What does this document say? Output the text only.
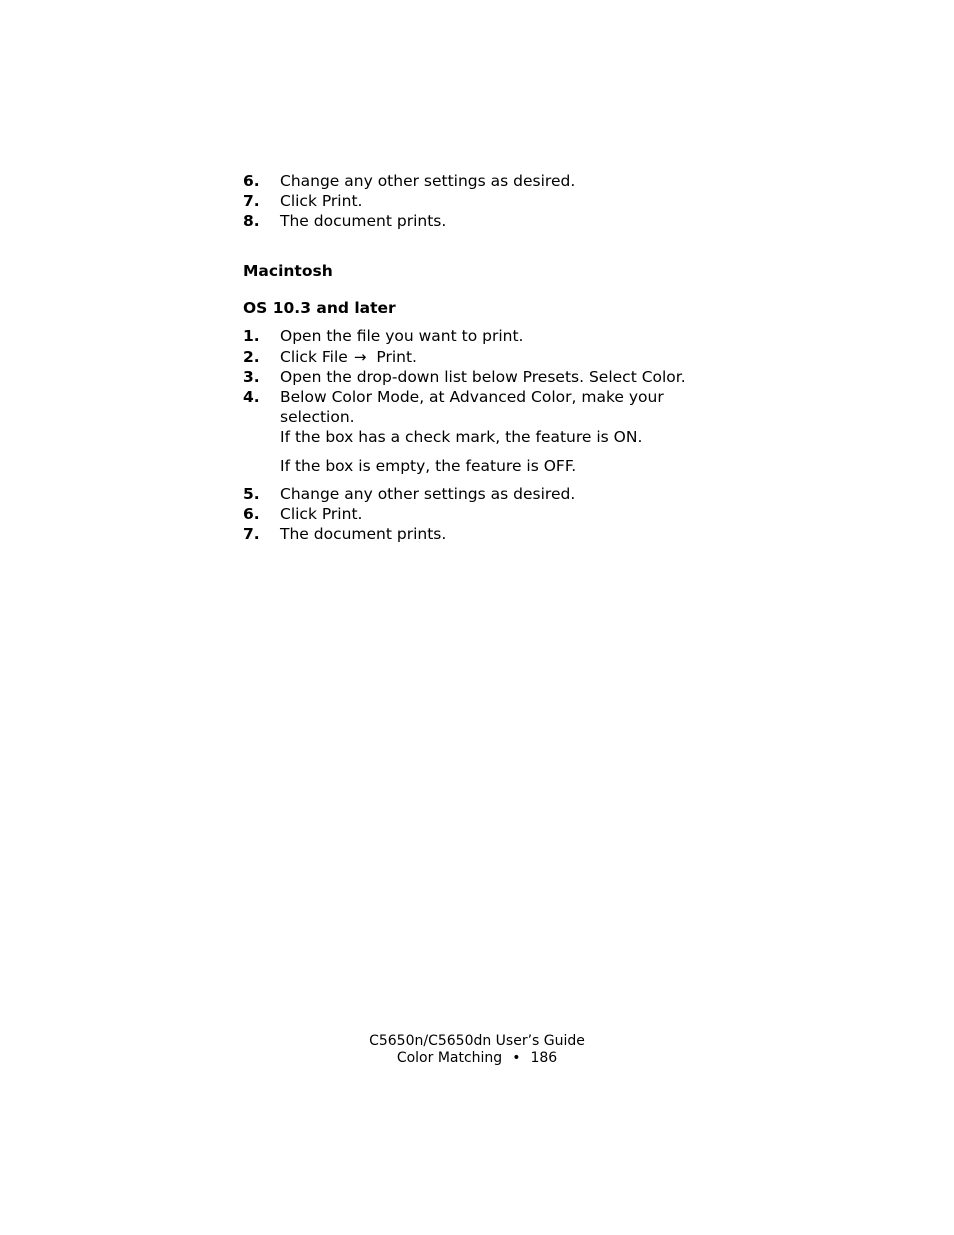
6. Change any other settings as desired.

7. Click Print.

8. The document prints.

Macintosh

OS 10.3 and later

1. Open the file you want to print.

2. Click File → Print.

3. Open the drop-down list below Presets. Select Color.

4. Below Color Mode, at Advanced Color, make your selection.

If the box has a check mark, the feature is ON.

If the box is empty, the feature is OFF.

5. Change any other settings as desired.

6. Click Print.

7. The document prints.

C5650n/C5650dn User’s Guide
Color Matching • 186
